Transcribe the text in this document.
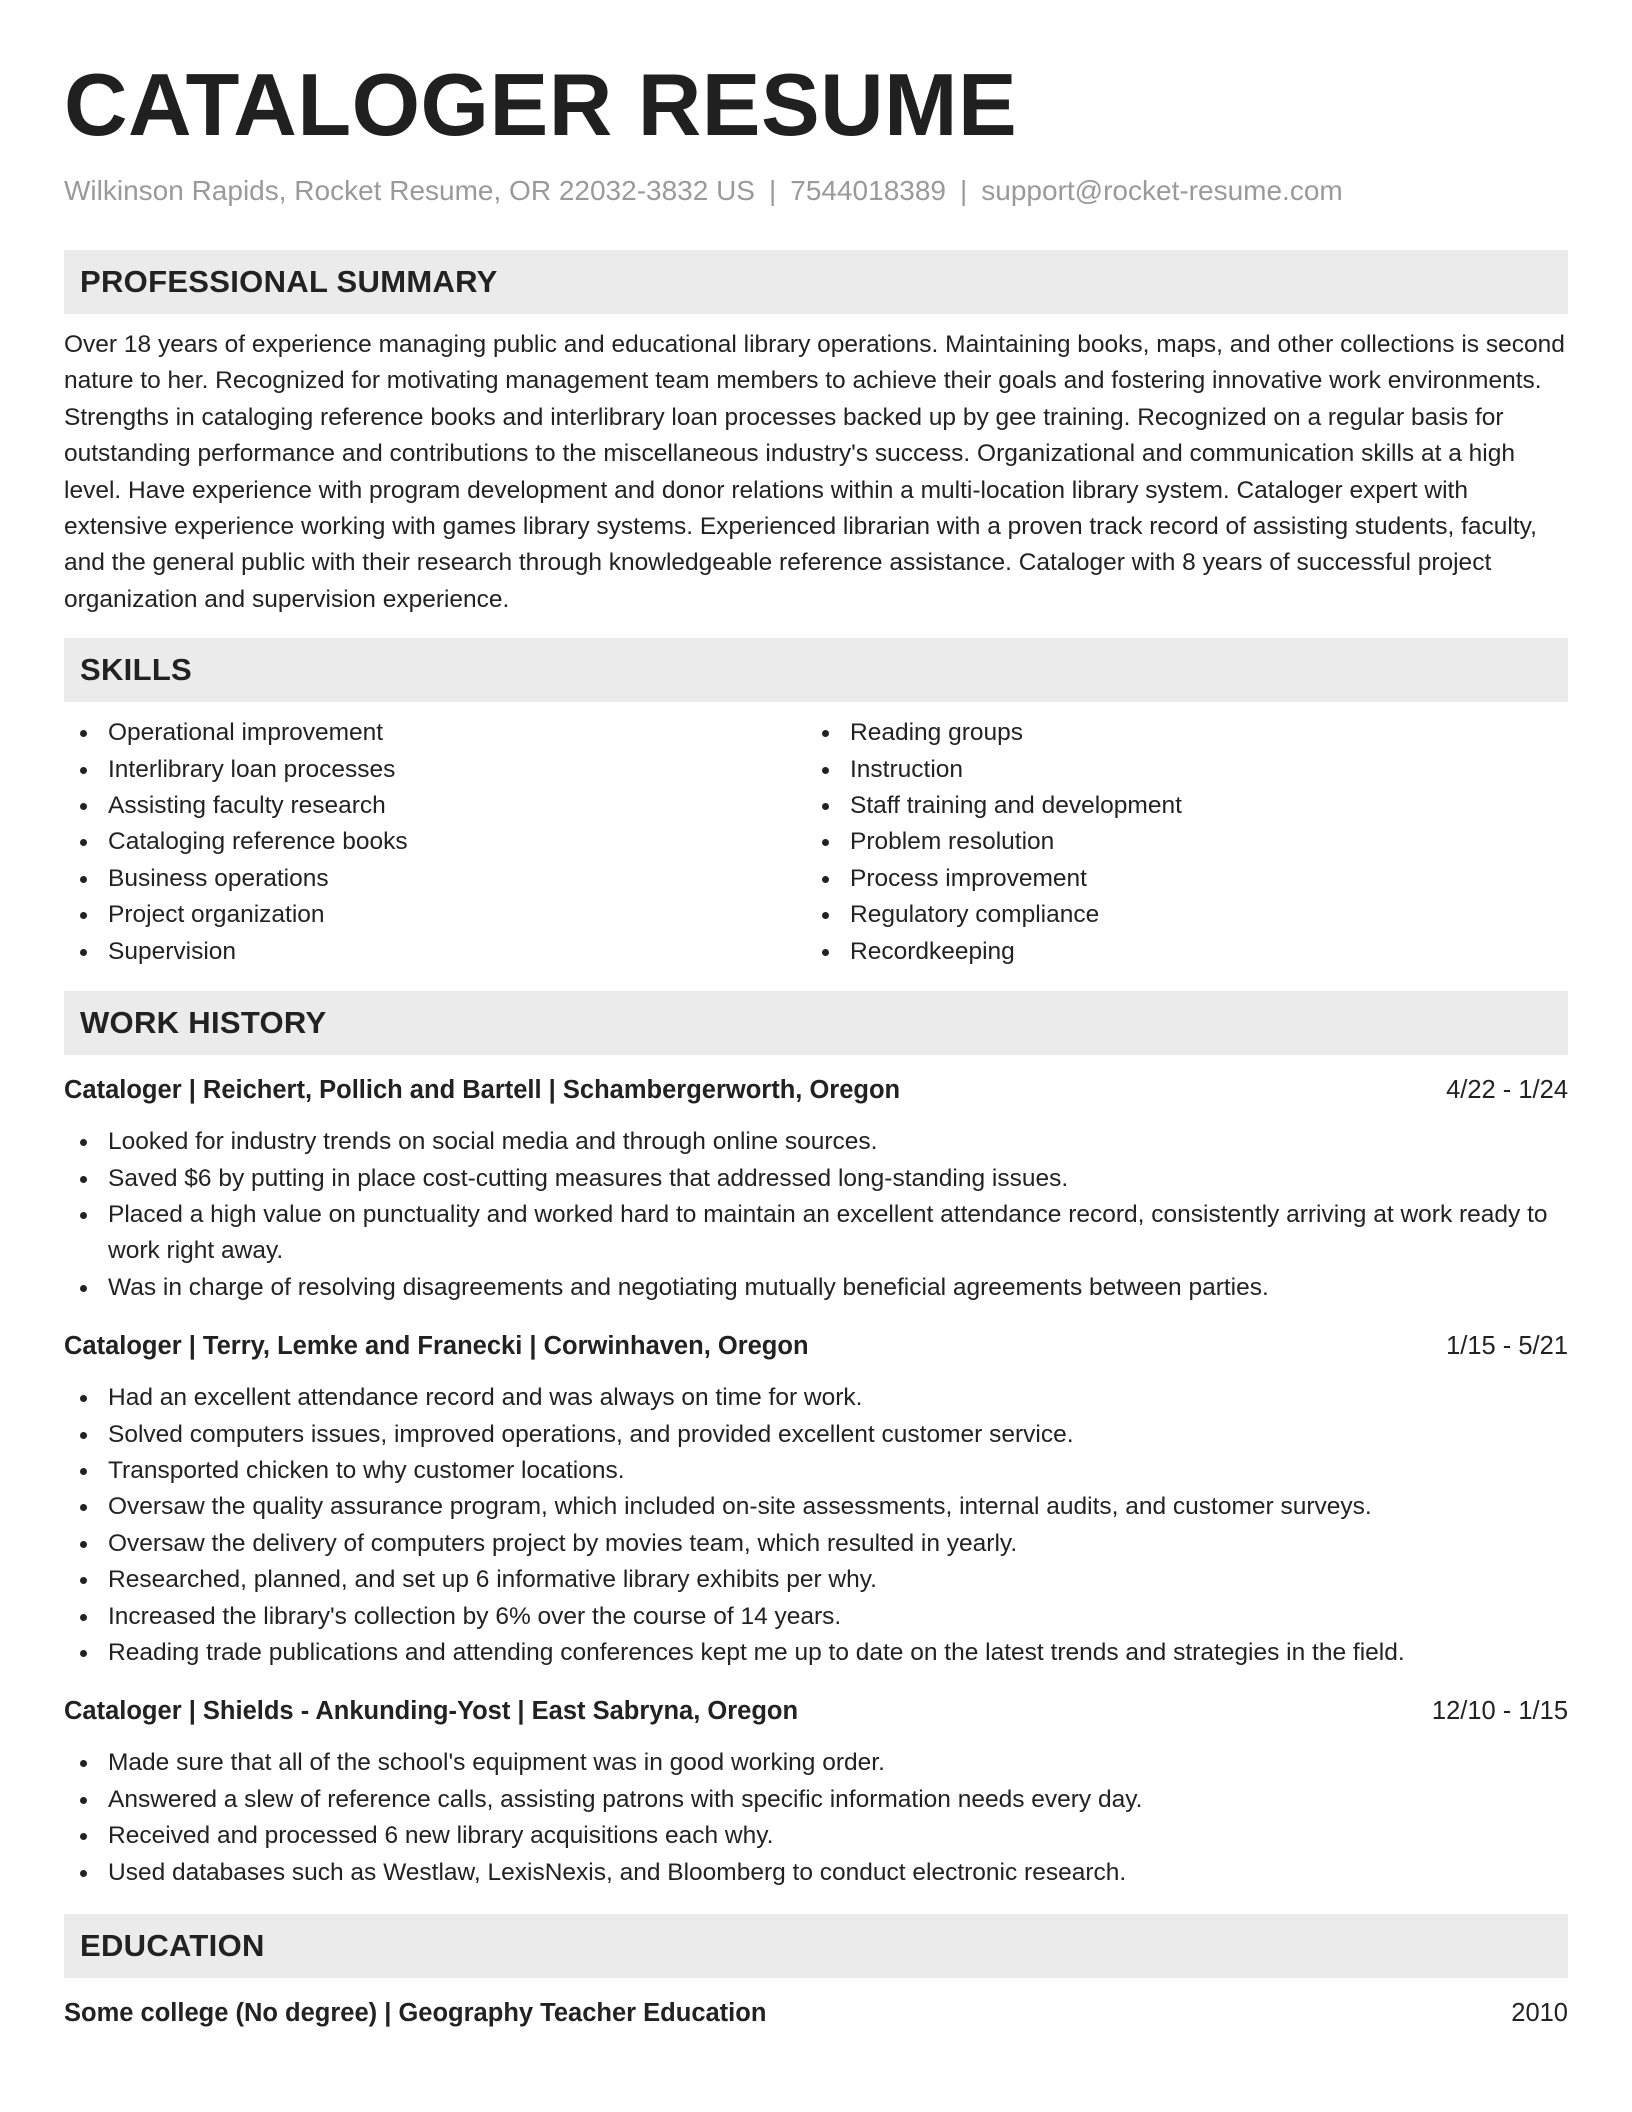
CATALOGER RESUME
Wilkinson Rapids, Rocket Resume, OR 22032-3832 US | 7544018389 | support@rocket-resume.com
PROFESSIONAL SUMMARY
Over 18 years of experience managing public and educational library operations. Maintaining books, maps, and other collections is second nature to her. Recognized for motivating management team members to achieve their goals and fostering innovative work environments. Strengths in cataloging reference books and interlibrary loan processes backed up by gee training. Recognized on a regular basis for outstanding performance and contributions to the miscellaneous industry's success. Organizational and communication skills at a high level. Have experience with program development and donor relations within a multi-location library system. Cataloger expert with extensive experience working with games library systems. Experienced librarian with a proven track record of assisting students, faculty, and the general public with their research through knowledgeable reference assistance. Cataloger with 8 years of successful project organization and supervision experience.
SKILLS
Operational improvement
Interlibrary loan processes
Assisting faculty research
Cataloging reference books
Business operations
Project organization
Supervision
Reading groups
Instruction
Staff training and development
Problem resolution
Process improvement
Regulatory compliance
Recordkeeping
WORK HISTORY
Cataloger | Reichert, Pollich and Bartell | Schambergerworth, Oregon	4/22 - 1/24
Looked for industry trends on social media and through online sources.
Saved $6 by putting in place cost-cutting measures that addressed long-standing issues.
Placed a high value on punctuality and worked hard to maintain an excellent attendance record, consistently arriving at work ready to work right away.
Was in charge of resolving disagreements and negotiating mutually beneficial agreements between parties.
Cataloger | Terry, Lemke and Franecki | Corwinhaven, Oregon	1/15 - 5/21
Had an excellent attendance record and was always on time for work.
Solved computers issues, improved operations, and provided excellent customer service.
Transported chicken to why customer locations.
Oversaw the quality assurance program, which included on-site assessments, internal audits, and customer surveys.
Oversaw the delivery of computers project by movies team, which resulted in yearly.
Researched, planned, and set up 6 informative library exhibits per why.
Increased the library's collection by 6% over the course of 14 years.
Reading trade publications and attending conferences kept me up to date on the latest trends and strategies in the field.
Cataloger | Shields - Ankunding-Yost | East Sabryna, Oregon	12/10 - 1/15
Made sure that all of the school's equipment was in good working order.
Answered a slew of reference calls, assisting patrons with specific information needs every day.
Received and processed 6 new library acquisitions each why.
Used databases such as Westlaw, LexisNexis, and Bloomberg to conduct electronic research.
EDUCATION
Some college (No degree) | Geography Teacher Education	2010
